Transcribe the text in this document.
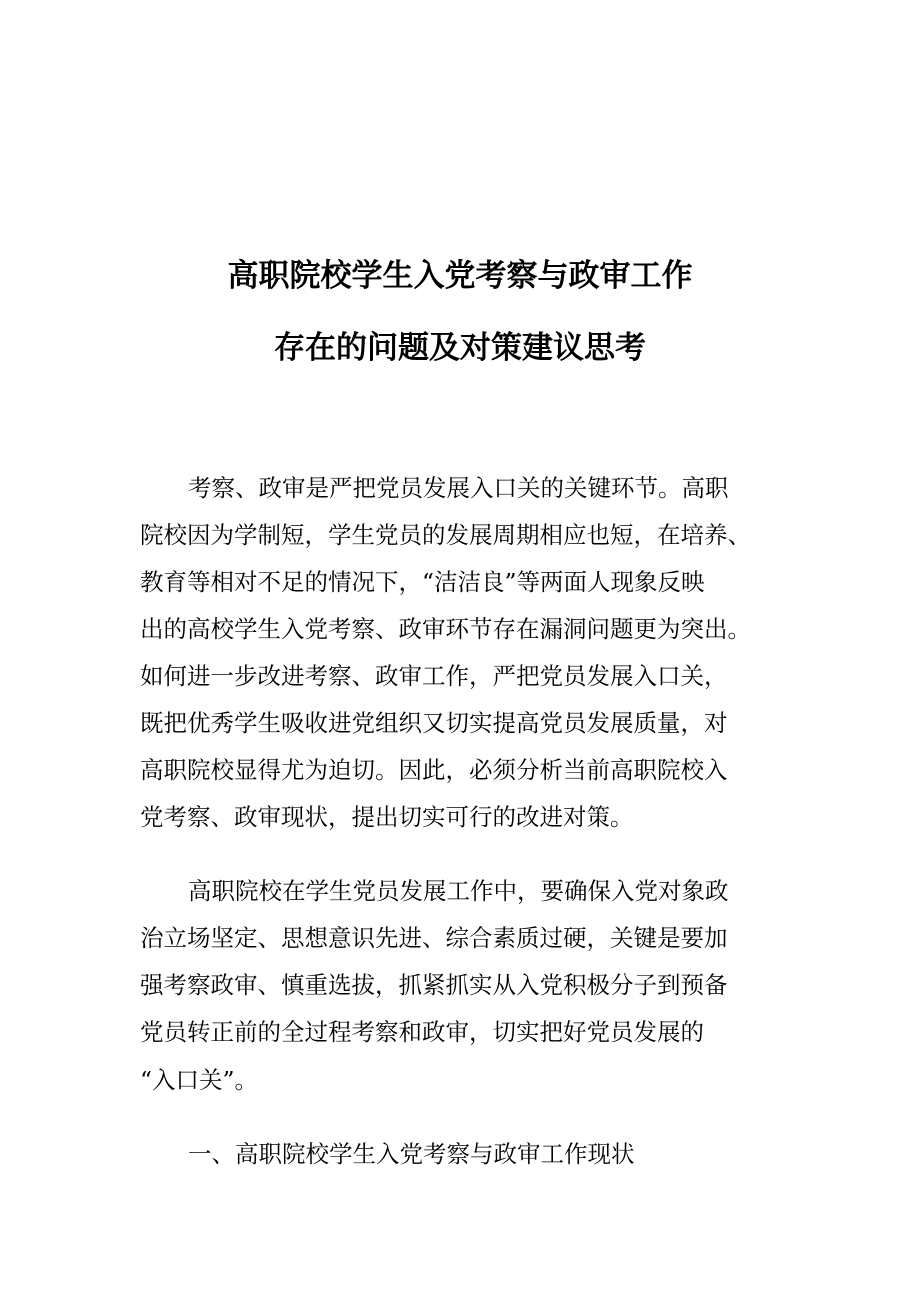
高职院校学生入党考察与政审工作
存在的问题及对策建议思考
考察、政审是严把党员发展入口关的关键环节。高职
院校因为学制短，学生党员的发展周期相应也短，在培养、
教育等相对不足的情况下，“洁洁良”等两面人现象反映
出的高校学生入党考察、政审环节存在漏洞问题更为突出。
如何进一步改进考察、政审工作，严把党员发展入口关，
既把优秀学生吸收进党组织又切实提高党员发展质量，对
高职院校显得尤为迫切。因此，必须分析当前高职院校入
党考察、政审现状，提出切实可行的改进对策。
高职院校在学生党员发展工作中，要确保入党对象政
治立场坚定、思想意识先进、综合素质过硬，关键是要加
强考察政审、慎重选拔，抓紧抓实从入党积极分子到预备
党员转正前的全过程考察和政审，切实把好党员发展的
“入口关”。
一、高职院校学生入党考察与政审工作现状
